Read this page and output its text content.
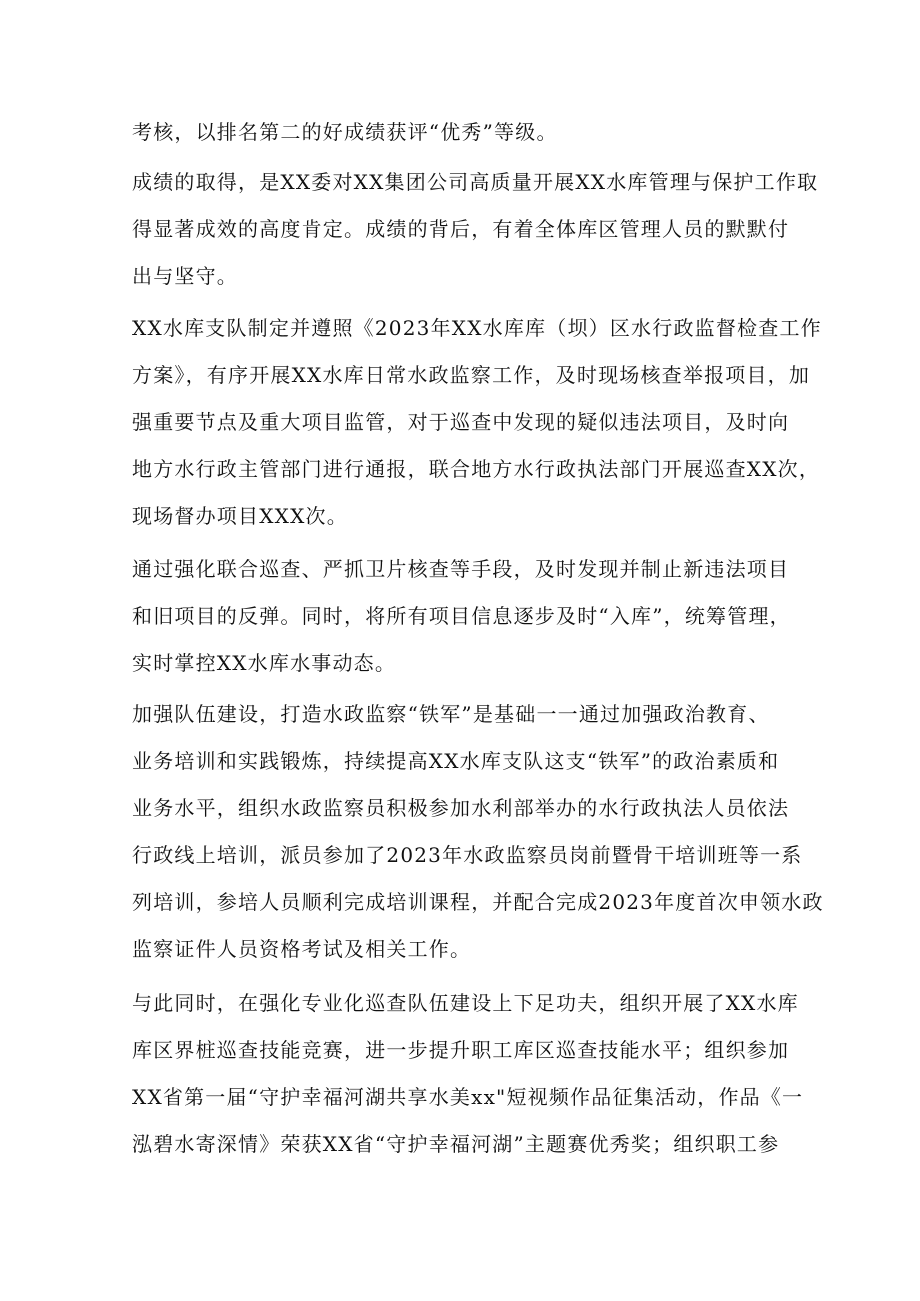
考核，以排名第二的好成绩获评“优秀”等级。
成绩的取得，是XX委对XX集团公司高质量开展XX水库管理与保护工作取
得显著成效的高度肯定。成绩的背后，有着全体库区管理人员的默默付
出与坚守。
XX水库支队制定并遵照《2023年XX水库库（坝）区水行政监督检查工作
方案》，有序开展XX水库日常水政监察工作，及时现场核查举报项目，加
强重要节点及重大项目监管，对于巡查中发现的疑似违法项目，及时向
地方水行政主管部门进行通报，联合地方水行政执法部门开展巡查XX次，
现场督办项目XXX次。
通过强化联合巡查、严抓卫片核查等手段，及时发现并制止新违法项目
和旧项目的反弹。同时，将所有项目信息逐步及时“入库”，统筹管理，
实时掌控XX水库水事动态。
加强队伍建设，打造水政监察“铁军”是基础一一通过加强政治教育、
业务培训和实践锻炼，持续提高XX水库支队这支“铁军”的政治素质和
业务水平，组织水政监察员积极参加水利部举办的水行政执法人员依法
行政线上培训，派员参加了2023年水政监察员岗前暨骨干培训班等一系
列培训，参培人员顺利完成培训课程，并配合完成2023年度首次申领水政
监察证件人员资格考试及相关工作。
与此同时，在强化专业化巡查队伍建设上下足功夫，组织开展了XX水库
库区界桩巡查技能竞赛，进一步提升职工库区巡查技能水平；组织参加
XX省第一届“守护幸福河湖共享水美xx"短视频作品征集活动，作品《一
泓碧水寄深情》荣获XX省“守护幸福河湖”主题赛优秀奖；组织职工参
